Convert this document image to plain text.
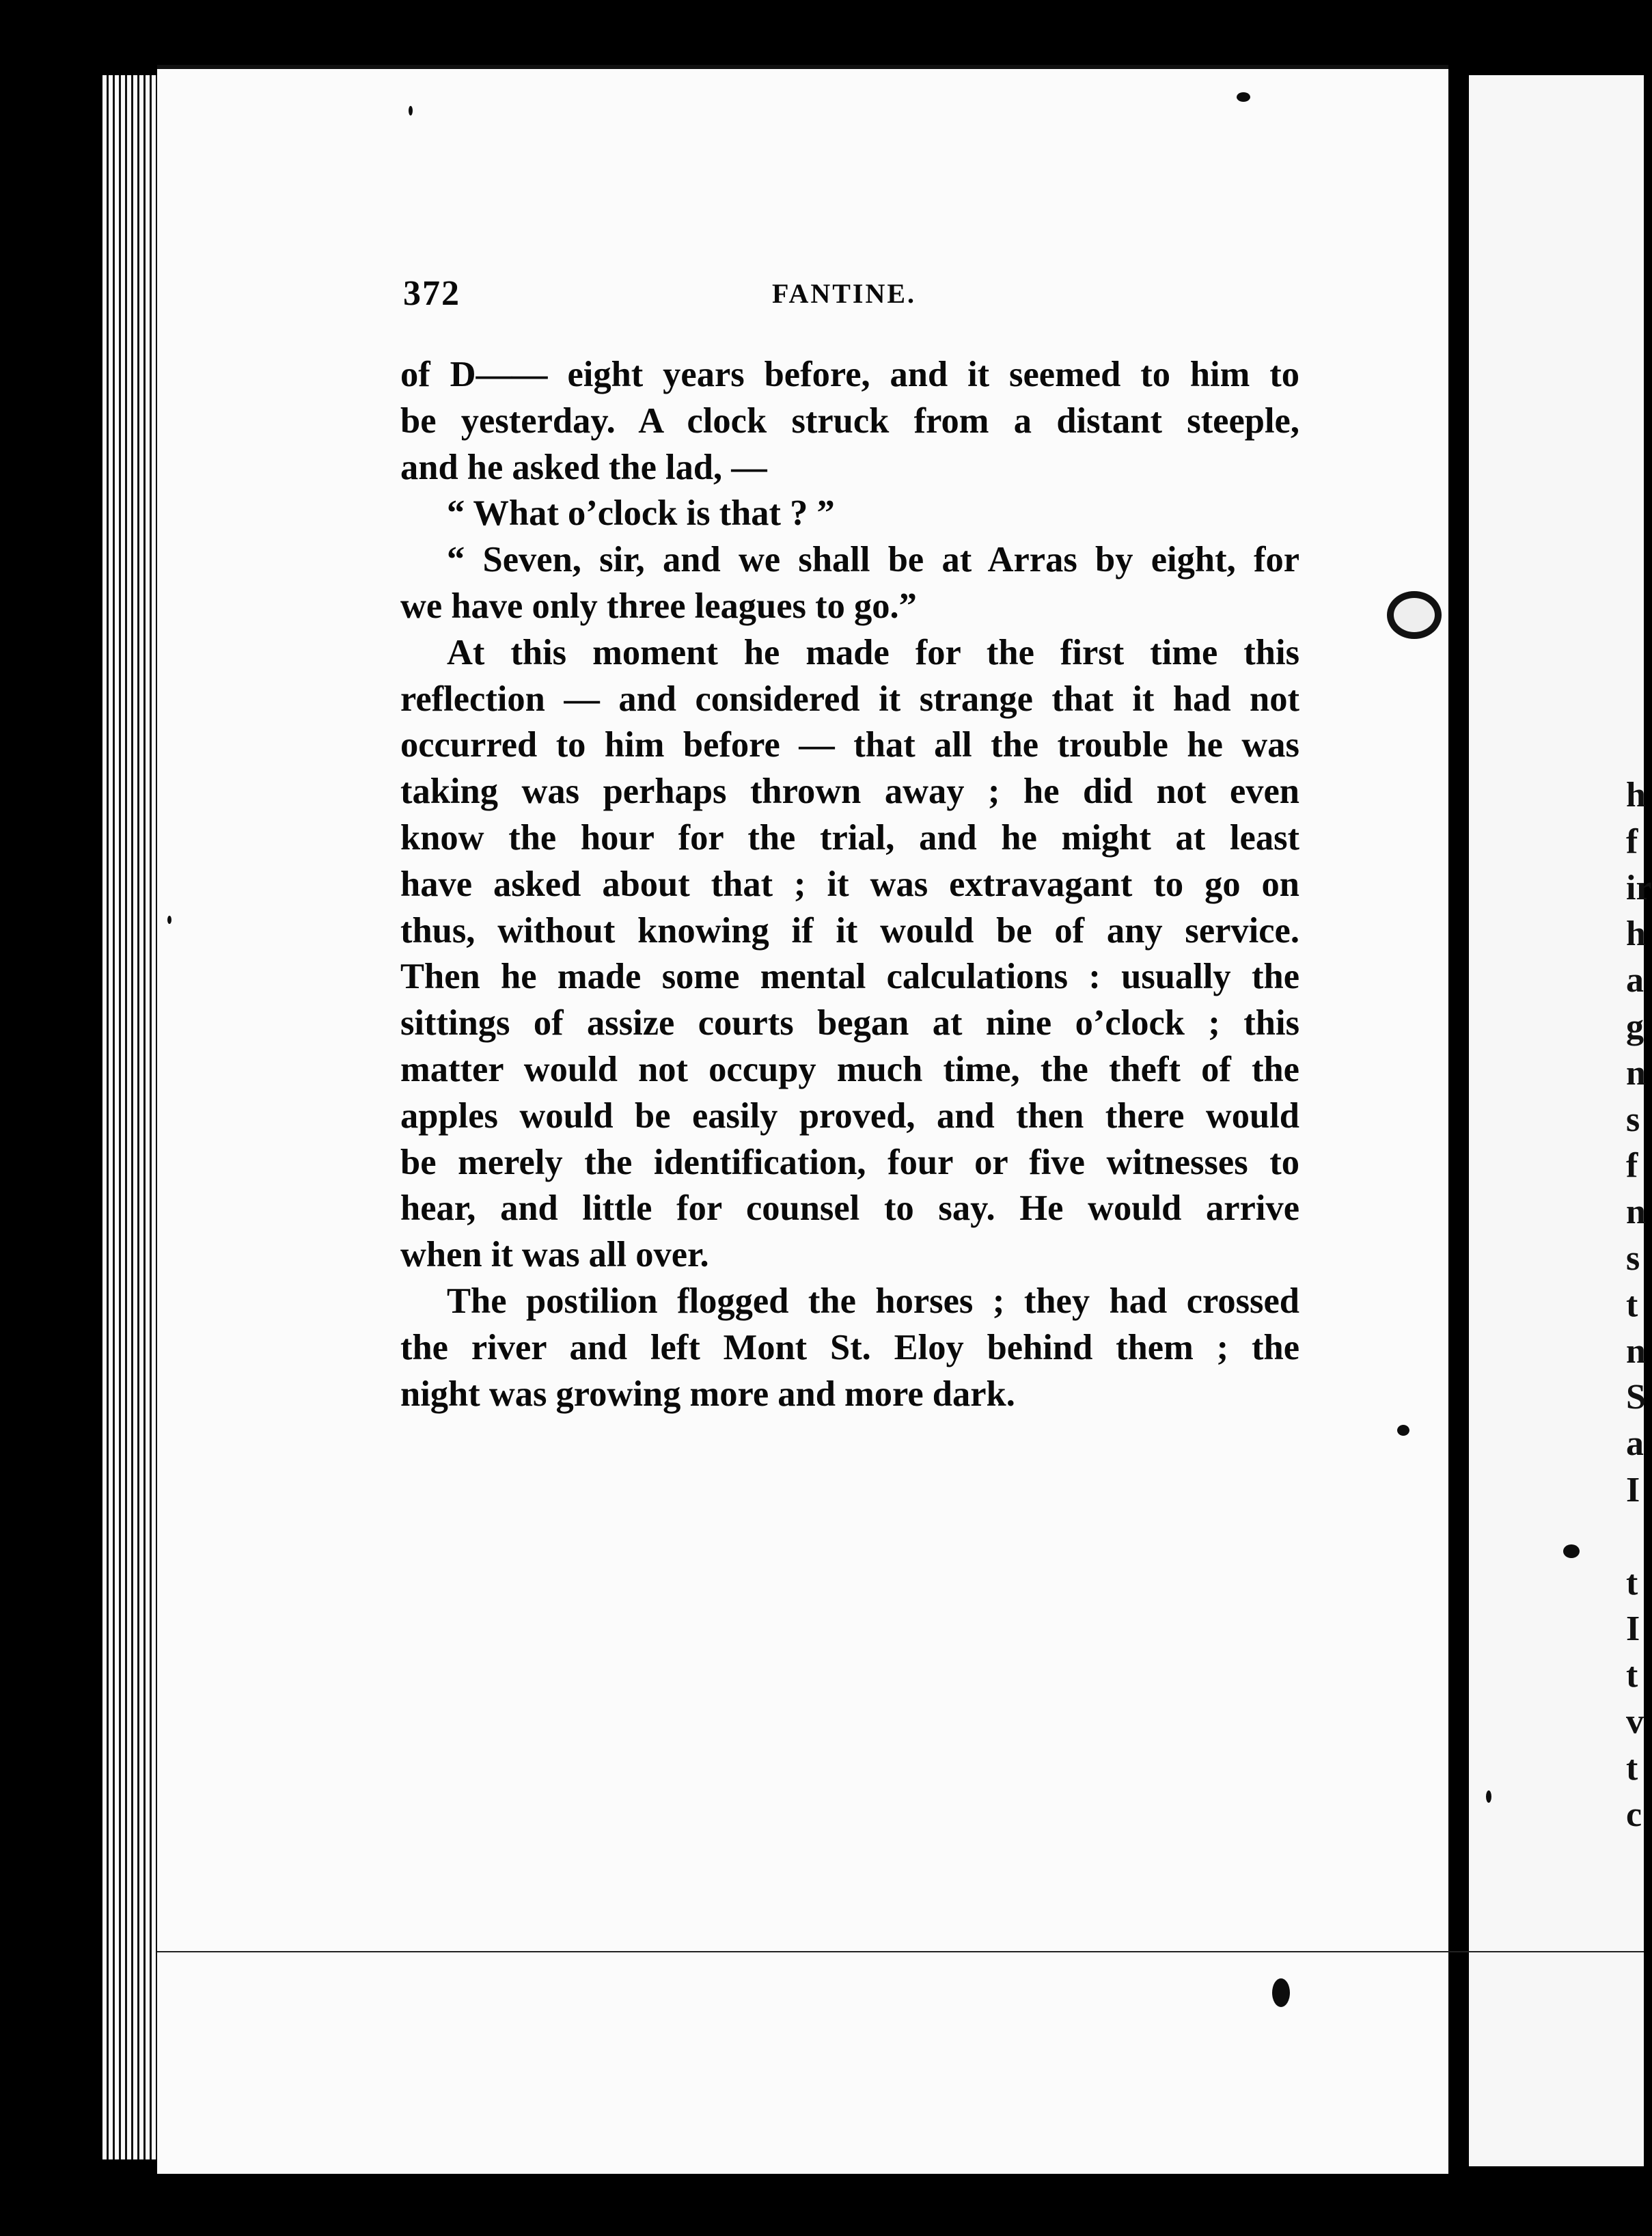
372	FANTINE.
of D—— eight years before, and it seemed to him to
be yesterday. A clock struck from a distant steeple,
and he asked the lad, —
“ What o’clock is that ? ”
“ Seven, sir, and we shall be at Arras by eight, for
we have only three leagues to go.”
At this moment he made for the first time this
reflection — and considered it strange that it had not
occurred to him before — that all the trouble he was
taking was perhaps thrown away ; he did not even
know the hour for the trial, and he might at least
have asked about that ; it was extravagant to go on
thus, without knowing if it would be of any service.
Then he made some mental calculations : usually the
sittings of assize courts began at nine o’clock ; this
matter would not occupy much time, the theft of the
apples would be easily proved, and then there would
be merely the identification, four or five witnesses to
hear, and little for counsel to say. He would arrive
when it was all over.
The postilion flogged the horses ; they had crossed
the river and left Mont St. Eloy behind them ; the
night was growing more and more dark.
h
f
ir
h
a
g
n
s
f
n
s
t
n
S
a
I

t
I
t
v
t
c
